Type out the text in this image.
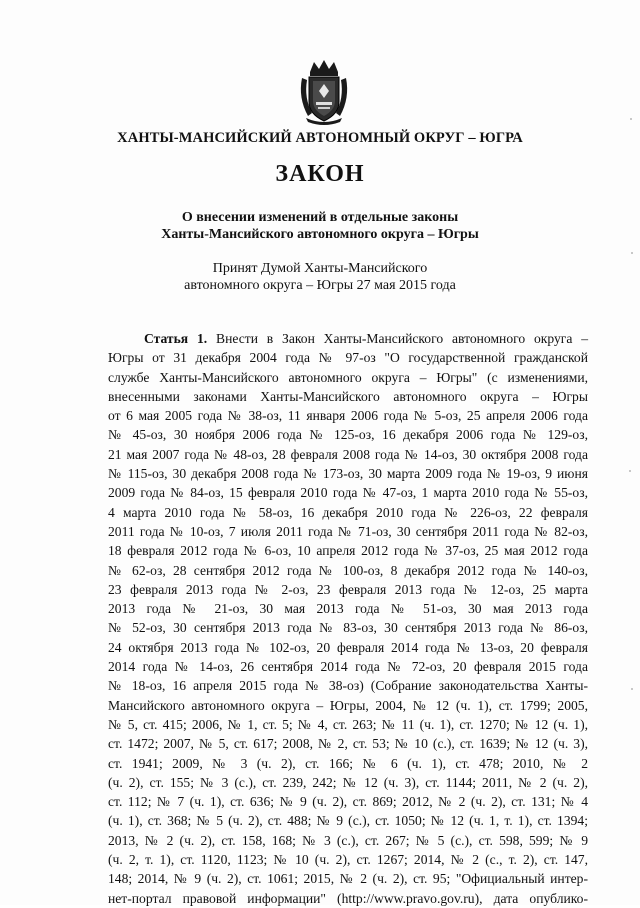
ХАНТЫ-МАНСИЙСКИЙ АВТОНОМНЫЙ ОКРУГ – ЮГРА
ЗАКОН
О внесении изменений в отдельные законы
Ханты-Мансийского автономного округа – Югры
Принят Думой Ханты-Мансийского
автономного округа – Югры 27 мая 2015 года
Статья 1. Внести в Закон Ханты-Мансийского автономного округа –
Югры от 31 декабря 2004 года № 97-оз "О государственной гражданской
службе Ханты-Мансийского автономного округа – Югры" (с изменениями,
внесенными законами Ханты-Мансийского автономного округа – Югры
от 6 мая 2005 года № 38-оз, 11 января 2006 года № 5-оз, 25 апреля 2006 года
№ 45-оз, 30 ноября 2006 года № 125-оз, 16 декабря 2006 года № 129-оз,
21 мая 2007 года № 48-оз, 28 февраля 2008 года № 14-оз, 30 октября 2008 года
№ 115-оз, 30 декабря 2008 года № 173-оз, 30 марта 2009 года № 19-оз, 9 июня
2009 года № 84-оз, 15 февраля 2010 года № 47-оз, 1 марта 2010 года № 55-оз,
4 марта 2010 года № 58-оз, 16 декабря 2010 года № 226-оз, 22 февраля
2011 года № 10-оз, 7 июля 2011 года № 71-оз, 30 сентября 2011 года № 82-оз,
18 февраля 2012 года № 6-оз, 10 апреля 2012 года № 37-оз, 25 мая 2012 года
№ 62-оз, 28 сентября 2012 года № 100-оз, 8 декабря 2012 года № 140-оз,
23 февраля 2013 года № 2-оз, 23 февраля 2013 года № 12-оз, 25 марта
2013 года № 21-оз, 30 мая 2013 года № 51-оз, 30 мая 2013 года
№ 52-оз, 30 сентября 2013 года № 83-оз, 30 сентября 2013 года № 86-оз,
24 октября 2013 года № 102-оз, 20 февраля 2014 года № 13-оз, 20 февраля
2014 года № 14-оз, 26 сентября 2014 года № 72-оз, 20 февраля 2015 года
№ 18-оз, 16 апреля 2015 года № 38-оз) (Собрание законодательства Ханты-
Мансийского автономного округа – Югры, 2004, № 12 (ч. 1), ст. 1799; 2005,
№ 5, ст. 415; 2006, № 1, ст. 5; № 4, ст. 263; № 11 (ч. 1), ст. 1270; № 12 (ч. 1),
ст. 1472; 2007, № 5, ст. 617; 2008, № 2, ст. 53; № 10 (с.), ст. 1639; № 12 (ч. 3),
ст. 1941; 2009, № 3 (ч. 2), ст. 166; № 6 (ч. 1), ст. 478; 2010, № 2
(ч. 2), ст. 155; № 3 (с.), ст. 239, 242; № 12 (ч. 3), ст. 1144; 2011, № 2 (ч. 2),
ст. 112; № 7 (ч. 1), ст. 636; № 9 (ч. 2), ст. 869; 2012, № 2 (ч. 2), ст. 131; № 4
(ч. 1), ст. 368; № 5 (ч. 2), ст. 488; № 9 (с.), ст. 1050; № 12 (ч. 1, т. 1), ст. 1394;
2013, № 2 (ч. 2), ст. 158, 168; № 3 (с.), ст. 267; № 5 (с.), ст. 598, 599; № 9
(ч. 2, т. 1), ст. 1120, 1123; № 10 (ч. 2), ст. 1267; 2014, № 2 (с., т. 2), ст. 147,
148; 2014, № 9 (ч. 2), ст. 1061; 2015, № 2 (ч. 2), ст. 95; "Официальный интер-
нет-портал правовой информации" (http://www.pravo.gov.ru), дата опублико-
